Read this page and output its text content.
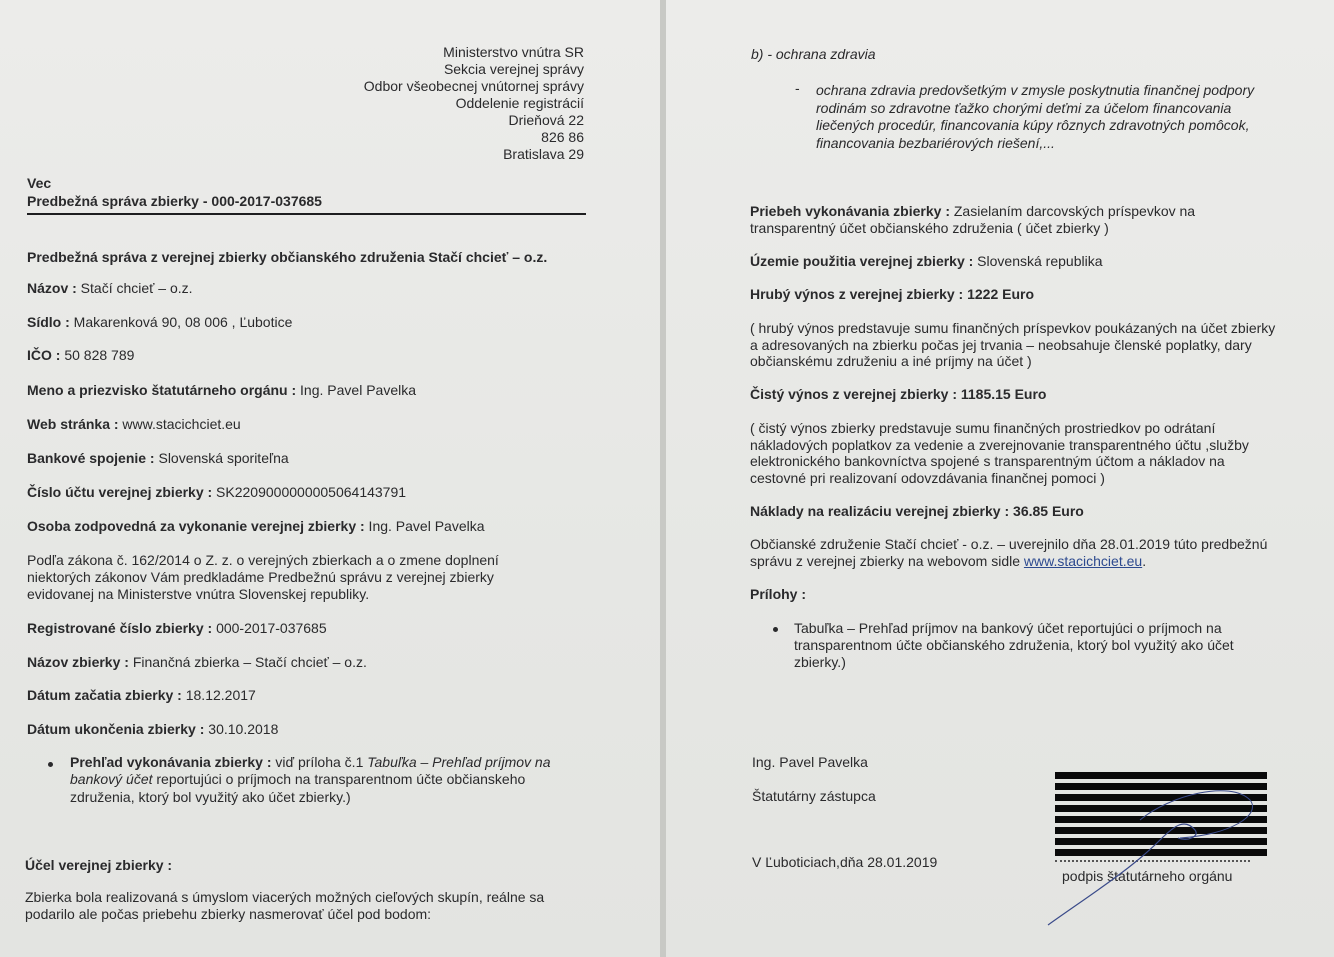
Ministerstvo vnútra SR
Sekcia verejnej správy
Odbor všeobecnej vnútornej správy
Oddelenie registrácií
Drieňová 22
826 86
Bratislava 29
Vec
Predbežná správa zbierky - 000-2017-037685
Predbežná správa z verejnej zbierky občianského združenia Stačí chcieť – o.z.
Názov : Stačí chcieť – o.z.
Sídlo : Makarenková 90, 08 006 , Ľubotice
IČO : 50 828 789
Meno a priezvisko štatutárneho orgánu : Ing. Pavel Pavelka
Web stránka : www.stacichciet.eu
Bankové spojenie : Slovenská sporiteľna
Číslo účtu verejnej zbierky : SK2209000000005064143791
Osoba zodpovedná za vykonanie verejnej zbierky : Ing. Pavel Pavelka
Podľa zákona č. 162/2014 o Z. z. o verejných zbierkach a o zmene doplnení
niektorých zákonov Vám predkladáme Predbežnú správu z verejnej zbierky
evidovanej na Ministerstve vnútra Slovenskej republiky.
Registrované číslo zbierky : 000-2017-037685
Názov zbierky : Finančná zbierka – Stačí chcieť – o.z.
Dátum začatia zbierky : 18.12.2017
Dátum ukončenia zbierky : 30.10.2018
Prehľad vykonávania zbierky : viď príloha č.1 Tabuľka – Prehľad príjmov na
bankový účet reportujúci o príjmoch na transparentnom účte občianskeho
združenia, ktorý bol využitý ako účet zbierky.)
Účel verejnej zbierky :
Zbierka bola realizovaná s úmyslom viacerých možných cieľových skupín, reálne sa
podarilo ale počas priebehu zbierky nasmerovať účel pod bodom:
b) - ochrana zdravia
- ochrana zdravia predovšetkým v zmysle poskytnutia finančnej podpory
rodinám so zdravotne ťažko chorými deťmi za účelom financovania
liečených procedúr, financovania kúpy rôznych zdravotných pomôcok,
financovania bezbariérových riešení,...
Priebeh vykonávania zbierky : Zasielaním darcovských príspevkov na
transparentný účet občianského združenia ( účet zbierky )
Územie použitia verejnej zbierky : Slovenská republika
Hrubý výnos z verejnej zbierky : 1222 Euro
( hrubý výnos predstavuje sumu finančných príspevkov poukázaných na účet zbierky
a adresovaných na zbierku počas jej trvania – neobsahuje členské poplatky, dary
občianskému združeniu a iné príjmy na účet )
Čistý výnos z verejnej zbierky : 1185.15 Euro
( čistý výnos zbierky predstavuje sumu finančných prostriedkov po odrátaní
nákladových poplatkov za vedenie a zverejnovanie transparentného účtu ,služby
elektronického bankovníctva spojené s transparentným účtom a nákladov na
cestovné pri realizovaní odovzdávania finančnej pomoci )
Náklady na realizáciu verejnej zbierky : 36.85 Euro
Občianské združenie Stačí chcieť - o.z. – uverejnilo dňa 28.01.2019 túto predbežnú
správu z verejnej zbierky na webovom sidle www.stacichciet.eu.
Prílohy :
Tabuľka – Prehľad príjmov na bankový účet reportujúci o príjmoch na
transparentnom účte občianského združenia, ktorý bol využitý ako účet
zbierky.)
Ing. Pavel Pavelka
Štatutárny zástupca
V Ľuboticiach,dňa 28.01.2019
podpis štatutárneho orgánu
